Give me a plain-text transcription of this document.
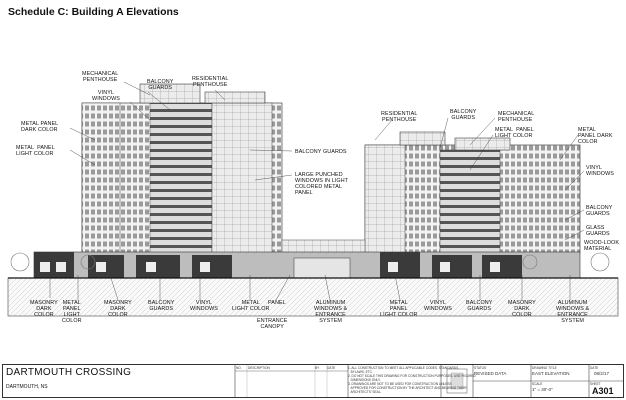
Schedule C: Building A Elevations
MECHANICAL
PENTHOUSE	BALCONY
GUARDS
RESIDENTIAL
PENTHOUSE
VINYL
WINDOWS
METAL PANEL
DARK COLOR
METAL  PANEL
LIGHT COLOR	BALCONY GUARDS
LARGE PUNCHED
WINDOWS IN LIGHT
COLORED METAL
PANEL
RESIDENTIAL
PENTHOUSE
BALCONY
GUARDS
MECHANICAL
PENTHOUSE
METAL  PANEL
LIGHT COLOR
METAL
PANEL DARK
COLOR
VINYL
WINDOWS
BALCONY
GUARDS
GLASS
GUARDS
WOOD-LOOK
MATERIAL
MASONRY
DARK
COLOR
METAL
PANEL
LIGHT
COLOR
MASONRY
DARK
COLOR
BALCONY
GUARDS
VINYL
WINDOWS
METAL
LIGHT COLOR
PANEL
ENTRANCE
CANOPY
ALUMINUM
WINDOWS &
ENTRANCE
SYSTEM
METAL
PANEL
LIGHT COLOR
VINYL
WINDOWS
BALCONY
GUARDS
MASONRY
DARK
COLOR
ALUMINUM
WINDOWS &
ENTRANCE
SYSTEM
DARTMOUTH CROSSING
DARTMOUTH, NS
NO. DESCRIPTION	BY DATE	1. ALL CONSTRUCTION TO MEET ALL APPLICABLE CODES, STANDARDS,
BYLAWS, ETC.
2. DO NOT SCALE THIS DRAWING FOR CONSTRUCTION PURPOSES, USE FIGURED
DIMENSIONS ONLY.
3. DRAWINGS ARE NOT TO BE USED FOR CONSTRUCTION UNLESS
APPROVED FOR CONSTRUCTION BY THE ARCHITECT AND BEARING THEIR
ARCHITECTS' SEAL.
STATUS
REVISED DATA
DRAWING TITLE
EAST ELEVATION
SCALE
1" = 30'-0"
DATE
08/2/17
SHEET
A301
